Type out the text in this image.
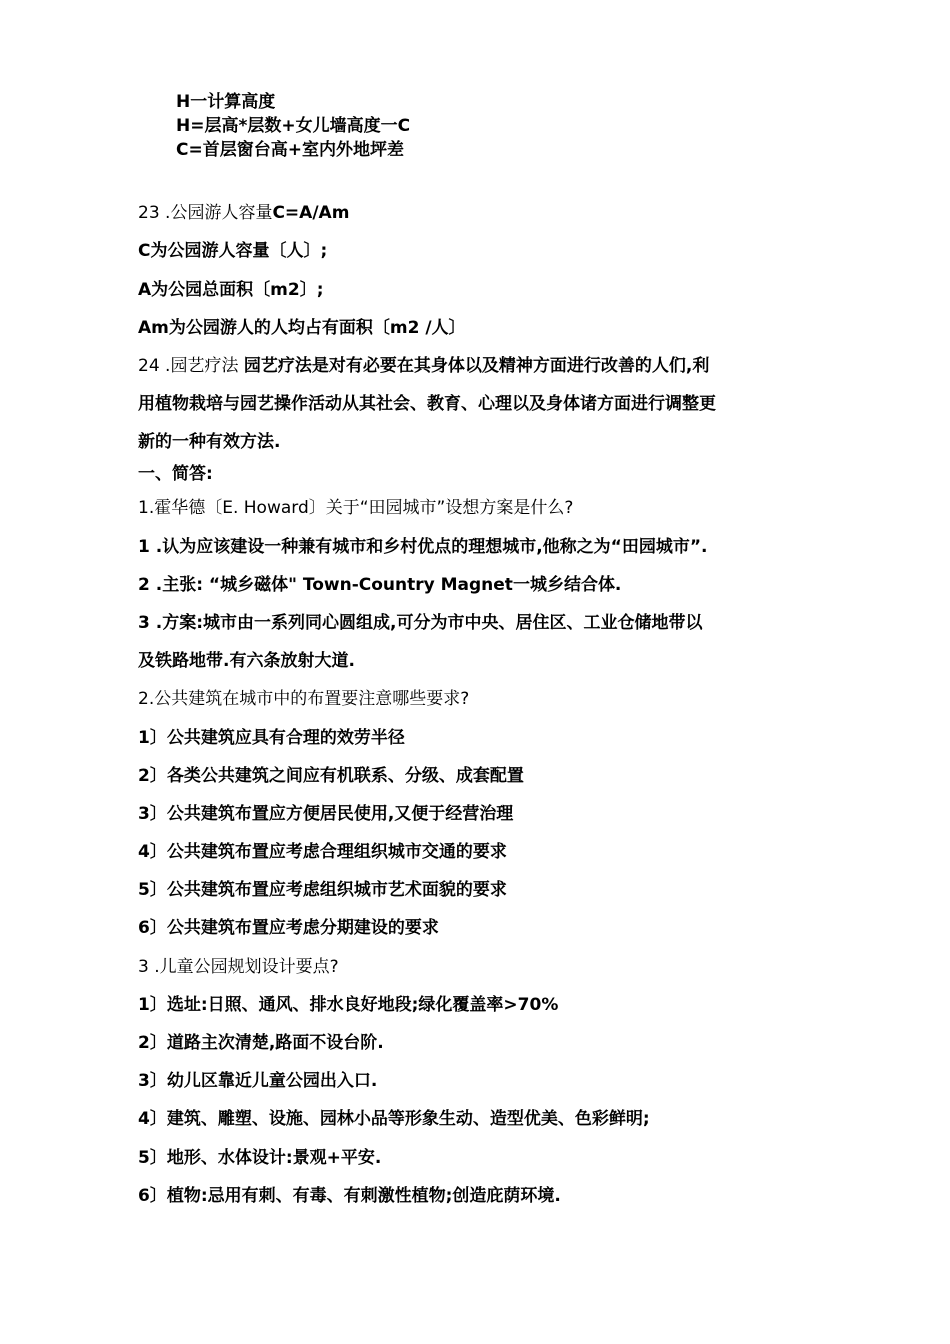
H一计算高度
H=层高*层数+女儿墙高度一C
C=首层窗台高+室内外地坪差
23 .公园游人容量C=A/Am
C为公园游人容量〔人〕;
A为公园总面积〔m2〕;
Am为公园游人的人均占有面积〔m2 /人〕
24 .园艺疗法 园艺疗法是对有必要在其身体以及精神方面进行改善的人们,利
用植物栽培与园艺操作活动从其社会、教育、心理以及身体诸方面进行调整更
新的一种有效方法.
一、简答:
1.霍华德〔E. Howard〕关于“田园城市”设想方案是什么?
1 .认为应该建设一种兼有城市和乡村优点的理想城市,他称之为“田园城市”.
2 .主张: “城乡磁体" Town-Country Magnet一城乡结合体.
3 .方案:城市由一系列同心圆组成,可分为市中央、居住区、工业仓储地带以
及铁路地带.有六条放射大道.
2.公共建筑在城市中的布置要注意哪些要求?
1〕公共建筑应具有合理的效劳半径
2〕各类公共建筑之间应有机联系、分级、成套配置
3〕公共建筑布置应方便居民使用,又便于经营治理
4〕公共建筑布置应考虑合理组织城市交通的要求
5〕公共建筑布置应考虑组织城市艺术面貌的要求
6〕公共建筑布置应考虑分期建设的要求
3 .儿童公园规划设计要点?
1〕选址:日照、通风、排水良好地段;绿化覆盖率>70%
2〕道路主次清楚,路面不设台阶.
3〕幼儿区靠近儿童公园出入口.
4〕建筑、雕塑、设施、园林小品等形象生动、造型优美、色彩鲜明;
5〕地形、水体设计:景观+平安.
6〕植物:忌用有刺、有毒、有刺激性植物;创造庇荫环境.
